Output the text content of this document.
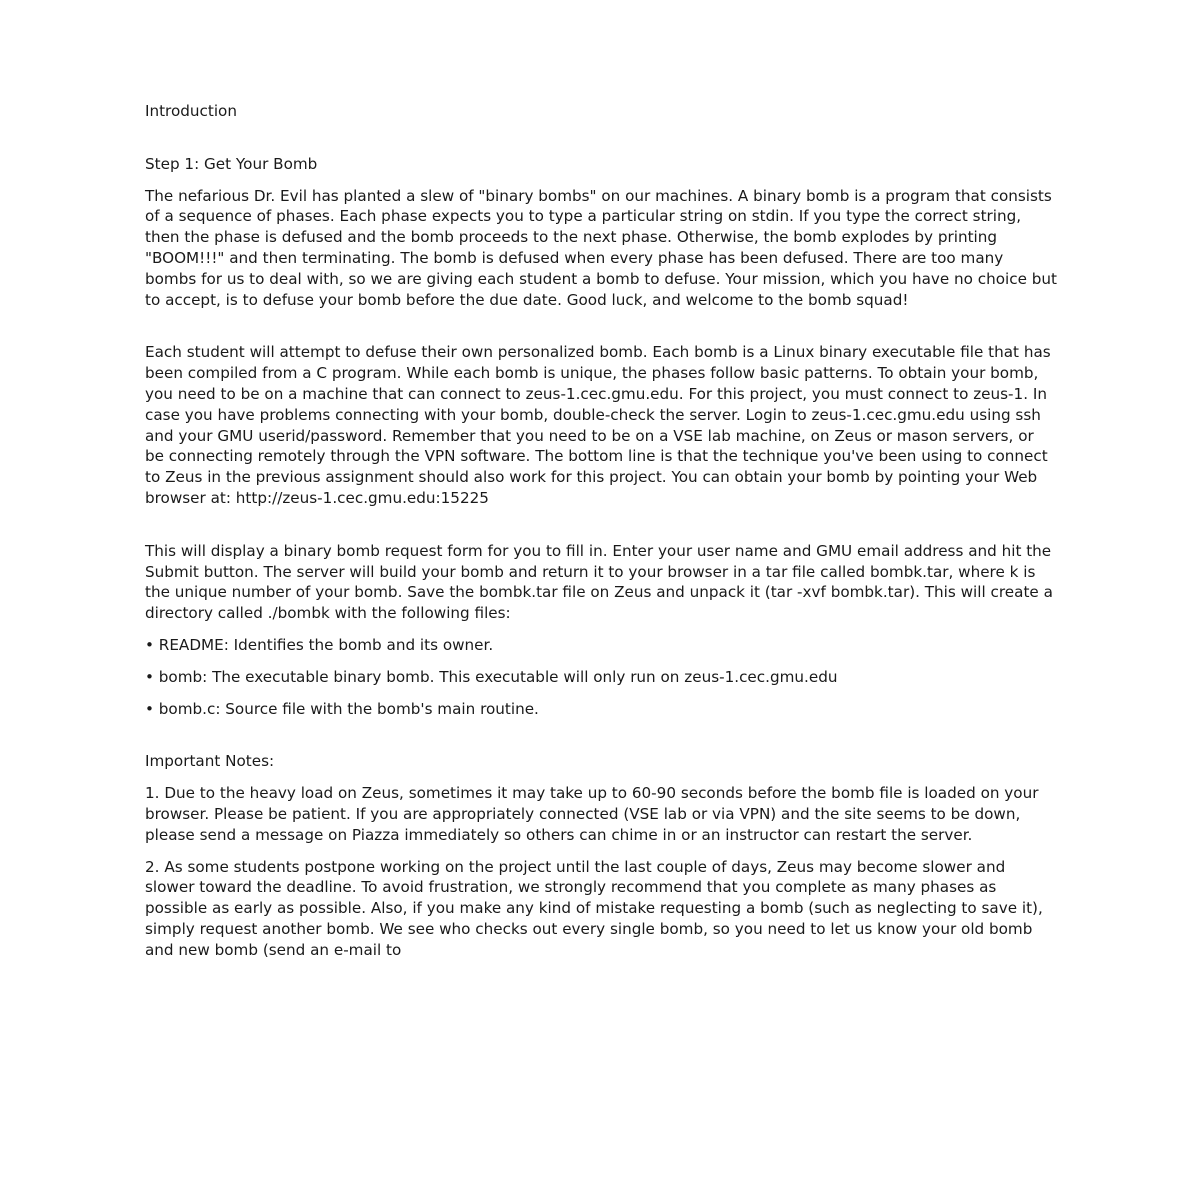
Introduction

Step 1: Get Your Bomb

The nefarious Dr. Evil has planted a slew of "binary bombs" on our machines. A binary bomb is a program that consists of a sequence of phases. Each phase expects you to type a particular string on stdin. If you type the correct string, then the phase is defused and the bomb proceeds to the next phase. Otherwise, the bomb explodes by printing "BOOM!!!" and then terminating. The bomb is defused when every phase has been defused. There are too many bombs for us to deal with, so we are giving each student a bomb to defuse. Your mission, which you have no choice but to accept, is to defuse your bomb before the due date. Good luck, and welcome to the bomb squad!

Each student will attempt to defuse their own personalized bomb. Each bomb is a Linux binary executable file that has been compiled from a C program. While each bomb is unique, the phases follow basic patterns. To obtain your bomb, you need to be on a machine that can connect to zeus-1.cec.gmu.edu. For this project, you must connect to zeus-1. In case you have problems connecting with your bomb, double-check the server. Login to zeus-1.cec.gmu.edu using ssh and your GMU userid/password. Remember that you need to be on a VSE lab machine, on Zeus or mason servers, or be connecting remotely through the VPN software. The bottom line is that the technique you've been using to connect to Zeus in the previous assignment should also work for this project. You can obtain your bomb by pointing your Web browser at: http://zeus-1.cec.gmu.edu:15225

This will display a binary bomb request form for you to fill in. Enter your user name and GMU email address and hit the Submit button. The server will build your bomb and return it to your browser in a tar file called bombk.tar, where k is the unique number of your bomb. Save the bombk.tar file on Zeus and unpack it (tar -xvf bombk.tar). This will create a directory called ./bombk with the following files:

• README: Identifies the bomb and its owner.

• bomb: The executable binary bomb. This executable will only run on zeus-1.cec.gmu.edu

• bomb.c: Source file with the bomb's main routine.

Important Notes:

1. Due to the heavy load on Zeus, sometimes it may take up to 60-90 seconds before the bomb file is loaded on your browser. Please be patient. If you are appropriately connected (VSE lab or via VPN) and the site seems to be down, please send a message on Piazza immediately so others can chime in or an instructor can restart the server.

2. As some students postpone working on the project until the last couple of days, Zeus may become slower and slower toward the deadline. To avoid frustration, we strongly recommend that you complete as many phases as possible as early as possible. Also, if you make any kind of mistake requesting a bomb (such as neglecting to save it), simply request another bomb. We see who checks out every single bomb, so you need to let us know your old bomb and new bomb (send an e-mail to
